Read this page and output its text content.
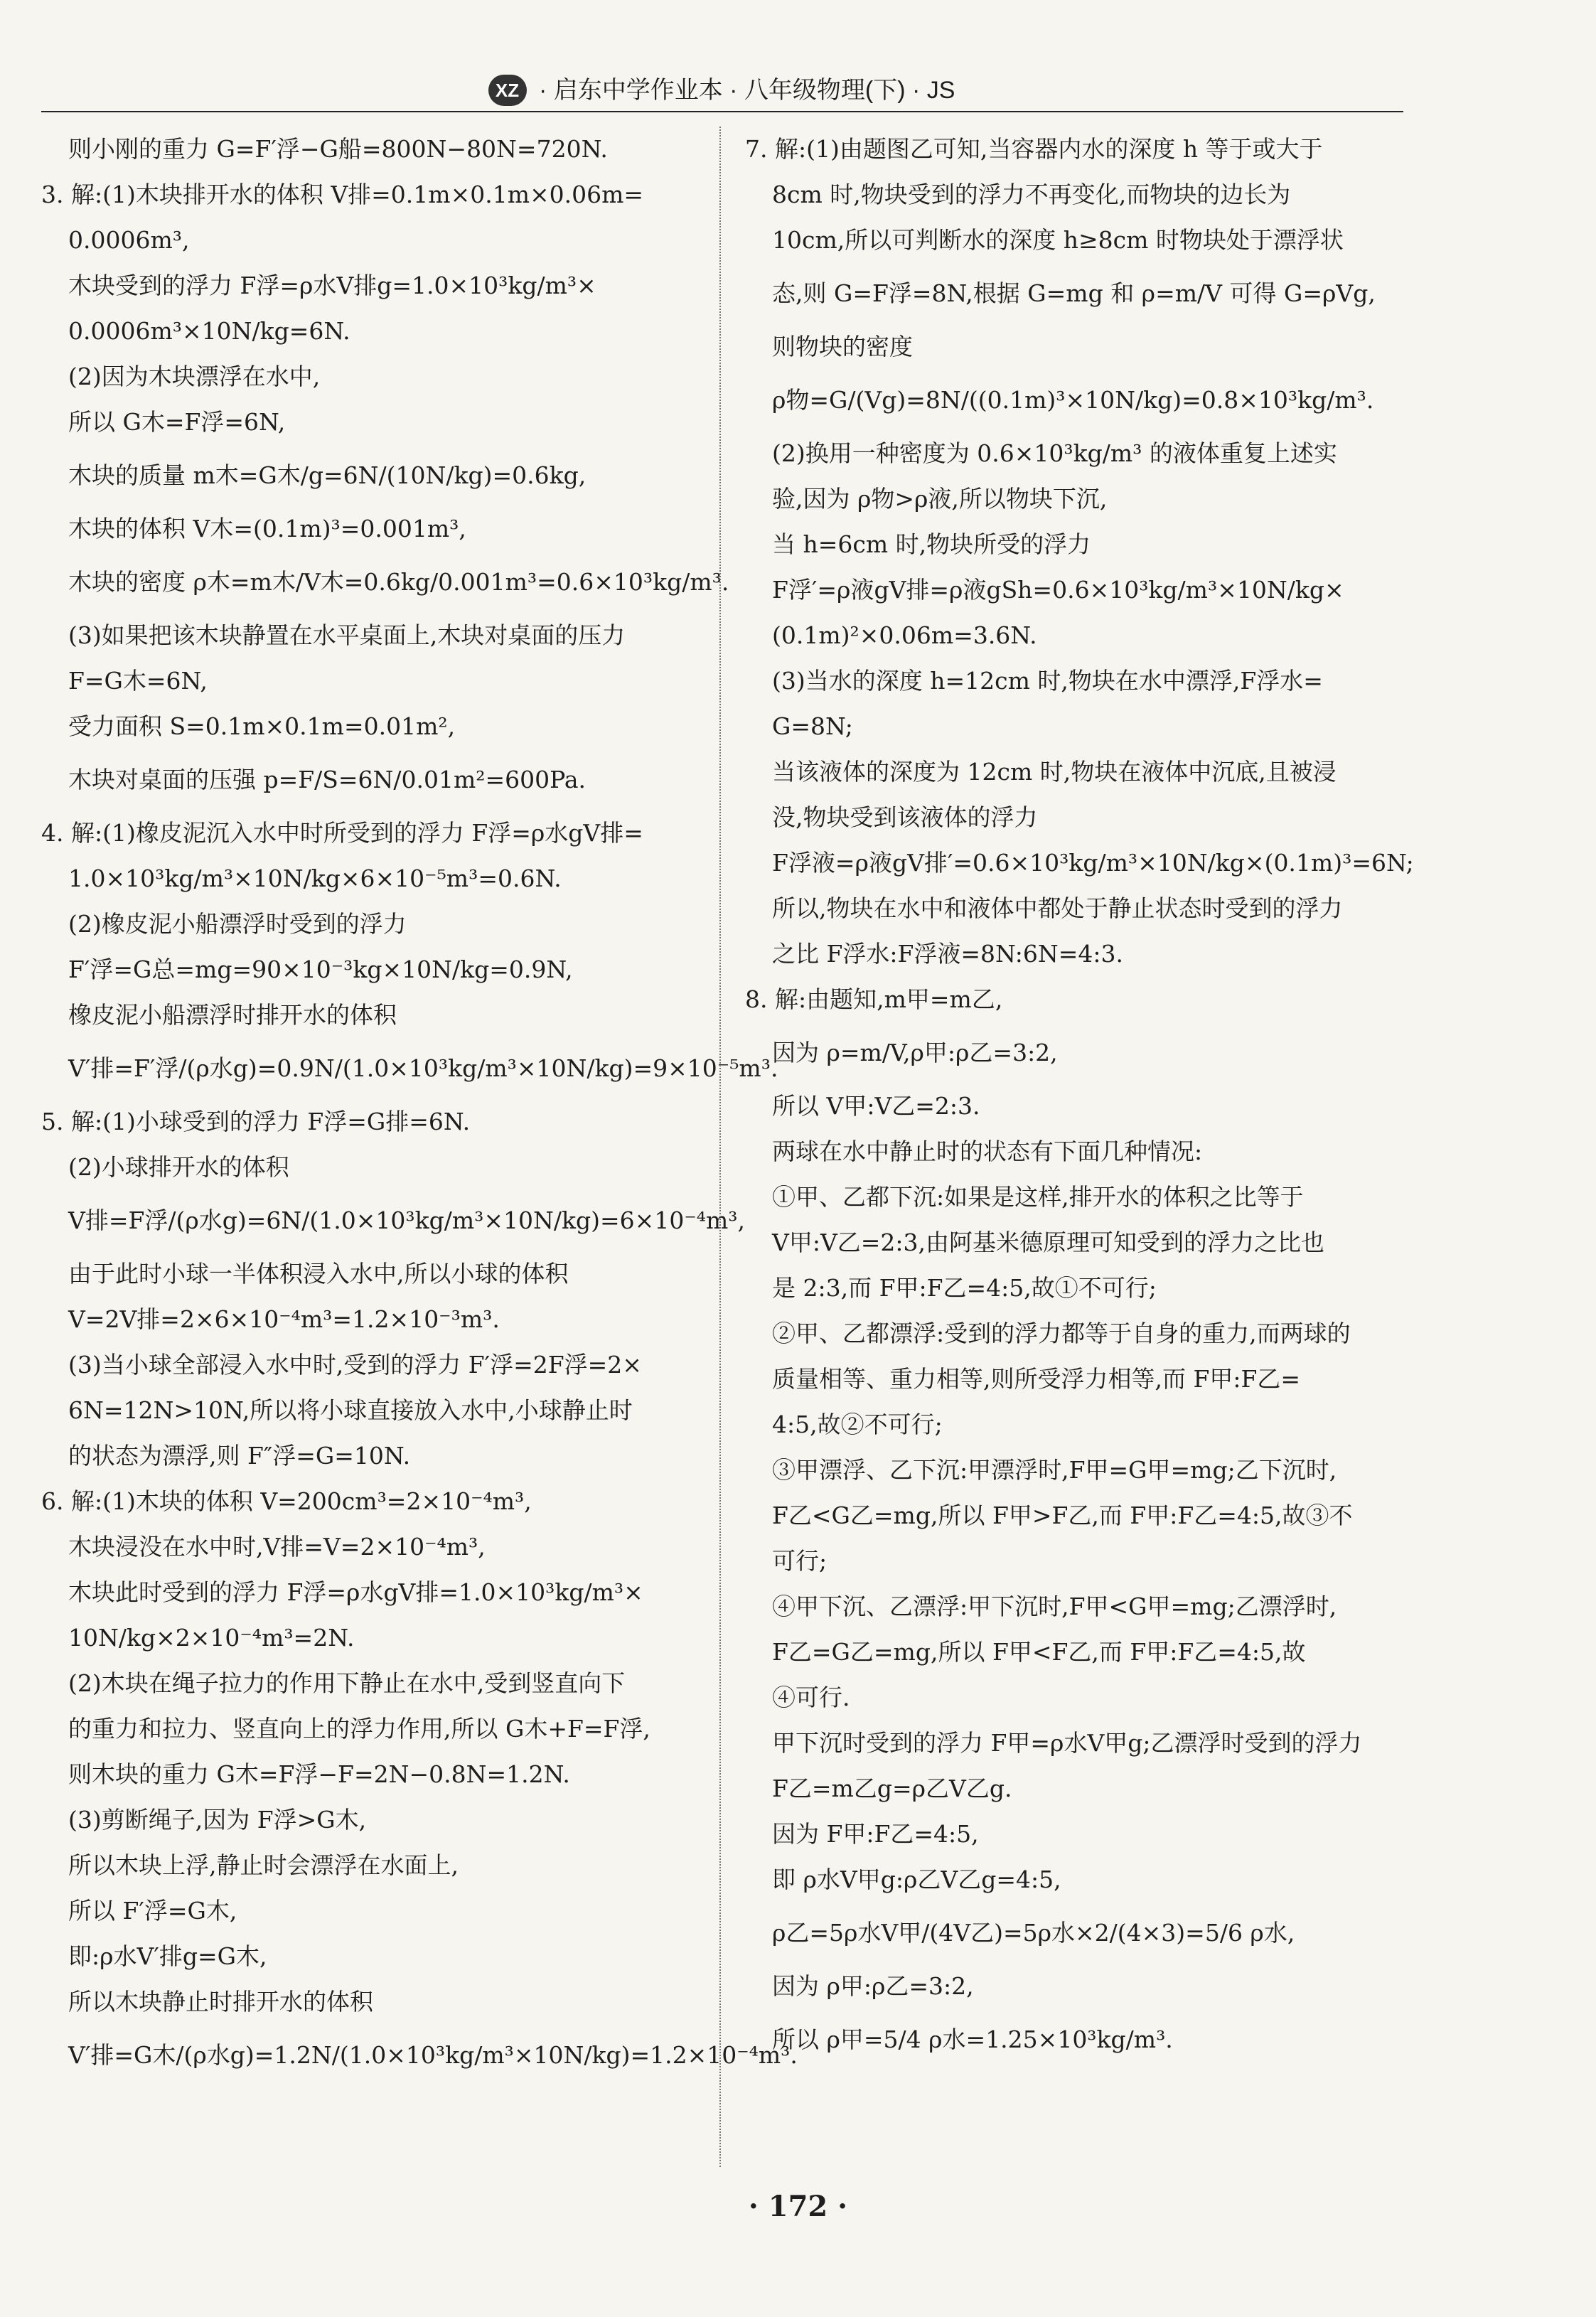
XZ · 启东中学作业本 · 八年级物理(下) · JS
则小刚的重力 G=F′浮−G船=800N−80N=720N.
3. 解:(1)木块排开水的体积 V排=0.1m×0.1m×0.06m=
0.0006m³,
木块受到的浮力 F浮=ρ水V排g=1.0×10³kg/m³×
0.0006m³×10N/kg=6N.
(2)因为木块漂浮在水中,
所以 G木=F浮=6N,
木块的质量 m木=G木/g=6N/(10N/kg)=0.6kg,
木块的体积 V木=(0.1m)³=0.001m³,
木块的密度 ρ木=m木/V木=0.6kg/0.001m³=0.6×10³kg/m³.
(3)如果把该木块静置在水平桌面上,木块对桌面的压力
F=G木=6N,
受力面积 S=0.1m×0.1m=0.01m²,
木块对桌面的压强 p=F/S=6N/0.01m²=600Pa.
4. 解:(1)橡皮泥沉入水中时所受到的浮力 F浮=ρ水gV排=
1.0×10³kg/m³×10N/kg×6×10⁻⁵m³=0.6N.
(2)橡皮泥小船漂浮时受到的浮力
F′浮=G总=mg=90×10⁻³kg×10N/kg=0.9N,
橡皮泥小船漂浮时排开水的体积
V′排=F′浮/(ρ水g)=0.9N/(1.0×10³kg/m³×10N/kg)=9×10⁻⁵m³.
5. 解:(1)小球受到的浮力 F浮=G排=6N.
(2)小球排开水的体积
V排=F浮/(ρ水g)=6N/(1.0×10³kg/m³×10N/kg)=6×10⁻⁴m³,
由于此时小球一半体积浸入水中,所以小球的体积
V=2V排=2×6×10⁻⁴m³=1.2×10⁻³m³.
(3)当小球全部浸入水中时,受到的浮力 F′浮=2F浮=2×
6N=12N>10N,所以将小球直接放入水中,小球静止时
的状态为漂浮,则 F″浮=G=10N.
6. 解:(1)木块的体积 V=200cm³=2×10⁻⁴m³,
木块浸没在水中时,V排=V=2×10⁻⁴m³,
木块此时受到的浮力 F浮=ρ水gV排=1.0×10³kg/m³×
10N/kg×2×10⁻⁴m³=2N.
(2)木块在绳子拉力的作用下静止在水中,受到竖直向下
的重力和拉力、竖直向上的浮力作用,所以 G木+F=F浮,
则木块的重力 G木=F浮−F=2N−0.8N=1.2N.
(3)剪断绳子,因为 F浮>G木,
所以木块上浮,静止时会漂浮在水面上,
所以 F′浮=G木,
即:ρ水V′排g=G木,
所以木块静止时排开水的体积
V′排=G木/(ρ水g)=1.2N/(1.0×10³kg/m³×10N/kg)=1.2×10⁻⁴m³.
7. 解:(1)由题图乙可知,当容器内水的深度 h 等于或大于
8cm 时,物块受到的浮力不再变化,而物块的边长为
10cm,所以可判断水的深度 h≥8cm 时物块处于漂浮状
态,则 G=F浮=8N,根据 G=mg 和 ρ=m/V 可得 G=ρVg,
则物块的密度
ρ物=G/(Vg)=8N/((0.1m)³×10N/kg)=0.8×10³kg/m³.
(2)换用一种密度为 0.6×10³kg/m³ 的液体重复上述实
验,因为 ρ物>ρ液,所以物块下沉,
当 h=6cm 时,物块所受的浮力
F浮′=ρ液gV排=ρ液gSh=0.6×10³kg/m³×10N/kg×
(0.1m)²×0.06m=3.6N.
(3)当水的深度 h=12cm 时,物块在水中漂浮,F浮水=
G=8N;
当该液体的深度为 12cm 时,物块在液体中沉底,且被浸
没,物块受到该液体的浮力
F浮液=ρ液gV排′=0.6×10³kg/m³×10N/kg×(0.1m)³=6N;
所以,物块在水中和液体中都处于静止状态时受到的浮力
之比 F浮水:F浮液=8N:6N=4:3.
8. 解:由题知,m甲=m乙,
因为 ρ=m/V,ρ甲:ρ乙=3:2,
所以 V甲:V乙=2:3.
两球在水中静止时的状态有下面几种情况:
①甲、乙都下沉:如果是这样,排开水的体积之比等于
V甲:V乙=2:3,由阿基米德原理可知受到的浮力之比也
是 2:3,而 F甲:F乙=4:5,故①不可行;
②甲、乙都漂浮:受到的浮力都等于自身的重力,而两球的
质量相等、重力相等,则所受浮力相等,而 F甲:F乙=
4:5,故②不可行;
③甲漂浮、乙下沉:甲漂浮时,F甲=G甲=mg;乙下沉时,
F乙<G乙=mg,所以 F甲>F乙,而 F甲:F乙=4:5,故③不
可行;
④甲下沉、乙漂浮:甲下沉时,F甲<G甲=mg;乙漂浮时,
F乙=G乙=mg,所以 F甲<F乙,而 F甲:F乙=4:5,故
④可行.
甲下沉时受到的浮力 F甲=ρ水V甲g;乙漂浮时受到的浮力
F乙=m乙g=ρ乙V乙g.
因为 F甲:F乙=4:5,
即 ρ水V甲g:ρ乙V乙g=4:5,
ρ乙=5ρ水V甲/(4V乙)=5ρ水×2/(4×3)=5/6 ρ水,
因为 ρ甲:ρ乙=3:2,
所以 ρ甲=5/4 ρ水=1.25×10³kg/m³.
· 172 ·
